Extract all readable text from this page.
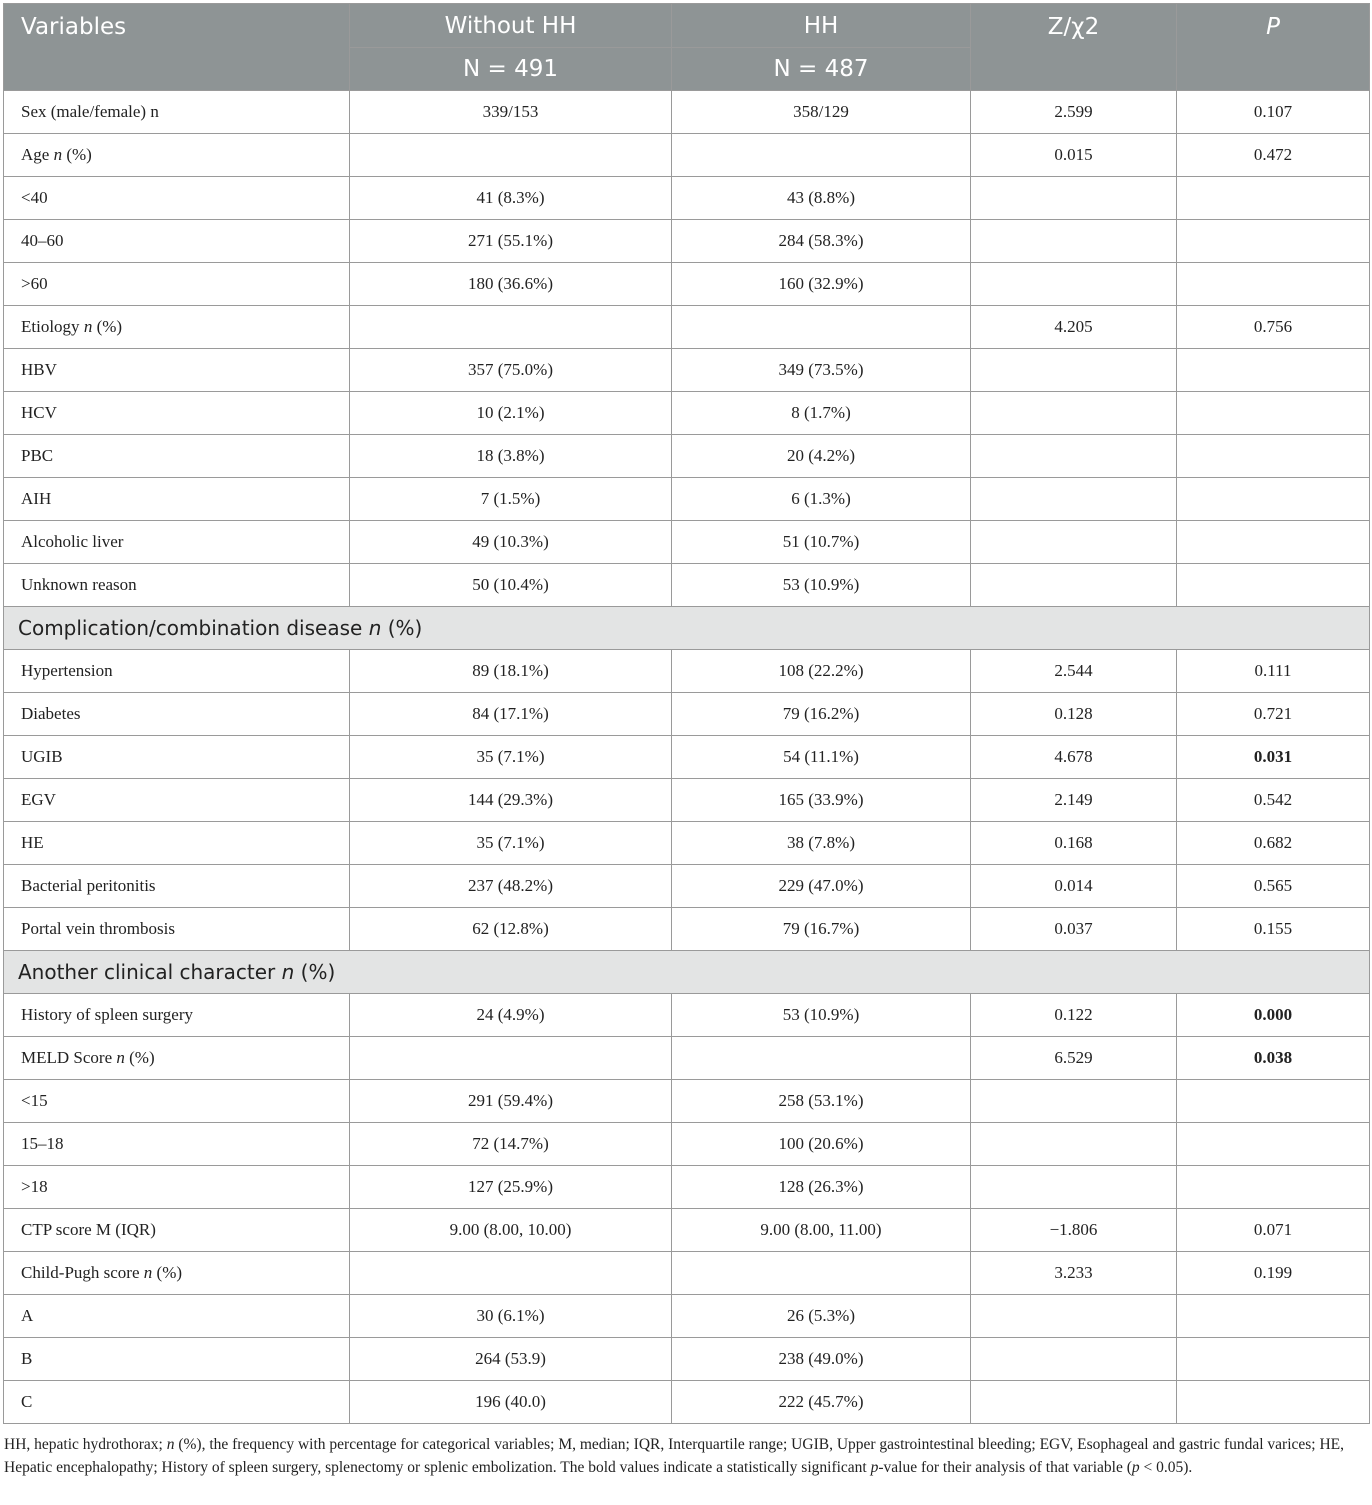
Variables	Without HH	HH	Z/χ2	P
	N = 491	N = 487		
Sex (male/female) n	339/153	358/129	2.599	0.107
Age n (%)			0.015	0.472
<40	41 (8.3%)	43 (8.8%)		
40–60	271 (55.1%)	284 (58.3%)		
>60	180 (36.6%)	160 (32.9%)		
Etiology n (%)			4.205	0.756
HBV	357 (75.0%)	349 (73.5%)		
HCV	10 (2.1%)	8 (1.7%)		
PBC	18 (3.8%)	20 (4.2%)		
AIH	7 (1.5%)	6 (1.3%)		
Alcoholic liver	49 (10.3%)	51 (10.7%)		
Unknown reason	50 (10.4%)	53 (10.9%)		
Complication/combination disease n (%)				
Hypertension	89 (18.1%)	108 (22.2%)	2.544	0.111
Diabetes	84 (17.1%)	79 (16.2%)	0.128	0.721
UGIB	35 (7.1%)	54 (11.1%)	4.678	0.031
EGV	144 (29.3%)	165 (33.9%)	2.149	0.542
HE	35 (7.1%)	38 (7.8%)	0.168	0.682
Bacterial peritonitis	237 (48.2%)	229 (47.0%)	0.014	0.565
Portal vein thrombosis	62 (12.8%)	79 (16.7%)	0.037	0.155
Another clinical character n (%)				
History of spleen surgery	24 (4.9%)	53 (10.9%)	0.122	0.000
MELD Score n (%)			6.529	0.038
<15	291 (59.4%)	258 (53.1%)		
15–18	72 (14.7%)	100 (20.6%)		
>18	127 (25.9%)	128 (26.3%)		
CTP score M (IQR)	9.00 (8.00, 10.00)	9.00 (8.00, 11.00)	−1.806	0.071
Child-Pugh score n (%)			3.233	0.199
A	30 (6.1%)	26 (5.3%)		
B	264 (53.9)	238 (49.0%)		
C	196 (40.0)	222 (45.7%)		
HH, hepatic hydrothorax; n (%), the frequency with percentage for categorical variables; M, median; IQR, Interquartile range; UGIB, Upper gastrointestinal bleeding; EGV, Esophageal and gastric fundal varices; HE, Hepatic encephalopathy; History of spleen surgery, splenectomy or splenic embolization. The bold values indicate a statistically significant p-value for their analysis of that variable (p < 0.05).
